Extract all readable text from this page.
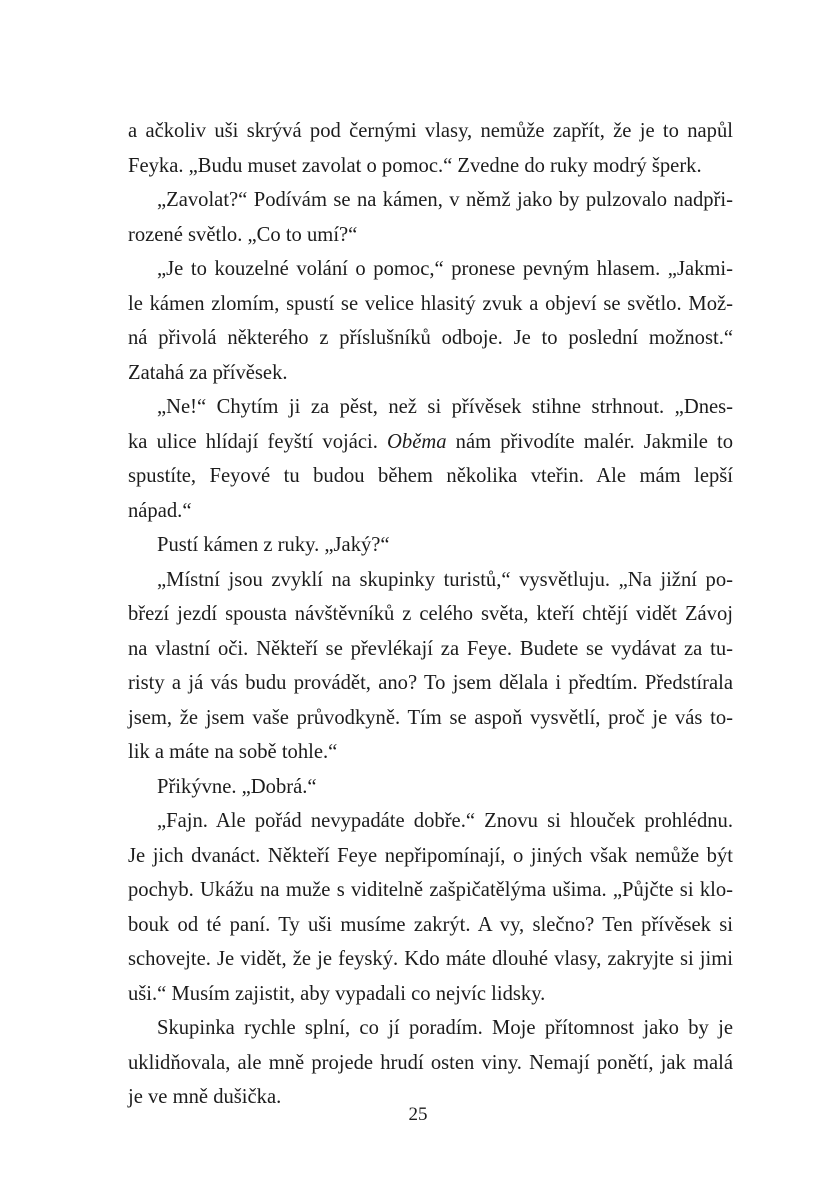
a ačkoliv uši skrývá pod černými vlasy, nemůže zapřít, že je to napůl
Feyka. „Budu muset zavolat o pomoc.“ Zvedne do ruky modrý šperk.
„Zavolat?“ Podívám se na kámen, v němž jako by pulzovalo nadpři-
rozené světlo. „Co to umí?“
„Je to kouzelné volání o pomoc,“ pronese pevným hlasem. „Jakmi-
le kámen zlomím, spustí se velice hlasitý zvuk a objeví se světlo. Mož-
ná přivolá některého z příslušníků odboje. Je to poslední možnost.“
Zatahá za přívěsek.
„Ne!“ Chytím ji za pěst, než si přívěsek stihne strhnout. „Dnes-
ka ulice hlídají feyští vojáci. Oběma nám přivodíte malér. Jakmile to
spustíte, Feyové tu budou během několika vteřin. Ale mám lepší
nápad.“
Pustí kámen z ruky. „Jaký?“
„Místní jsou zvyklí na skupinky turistů,“ vysvětluju. „Na jižní po-
březí jezdí spousta návštěvníků z celého světa, kteří chtějí vidět Závoj
na vlastní oči. Někteří se převlékají za Feye. Budete se vydávat za tu-
risty a já vás budu provádět, ano? To jsem dělala i předtím. Předstírala
jsem, že jsem vaše průvodkyně. Tím se aspoň vysvětlí, proč je vás to-
lik a máte na sobě tohle.“
Přikývne. „Dobrá.“
„Fajn. Ale pořád nevypadáte dobře.“ Znovu si hlouček prohlédnu.
Je jich dvanáct. Někteří Feye nepřipomínají, o jiných však nemůže být
pochyb. Ukážu na muže s viditelně zašpičatělýma ušima. „Půjčte si klo-
bouk od té paní. Ty uši musíme zakrýt. A vy, slečno? Ten přívěsek si
schovejte. Je vidět, že je feyský. Kdo máte dlouhé vlasy, zakryjte si jimi
uši.“ Musím zajistit, aby vypadali co nejvíc lidsky.
Skupinka rychle splní, co jí poradím. Moje přítomnost jako by je
uklidňovala, ale mně projede hrudí osten viny. Nemají ponětí, jak malá
je ve mně dušička.
25
